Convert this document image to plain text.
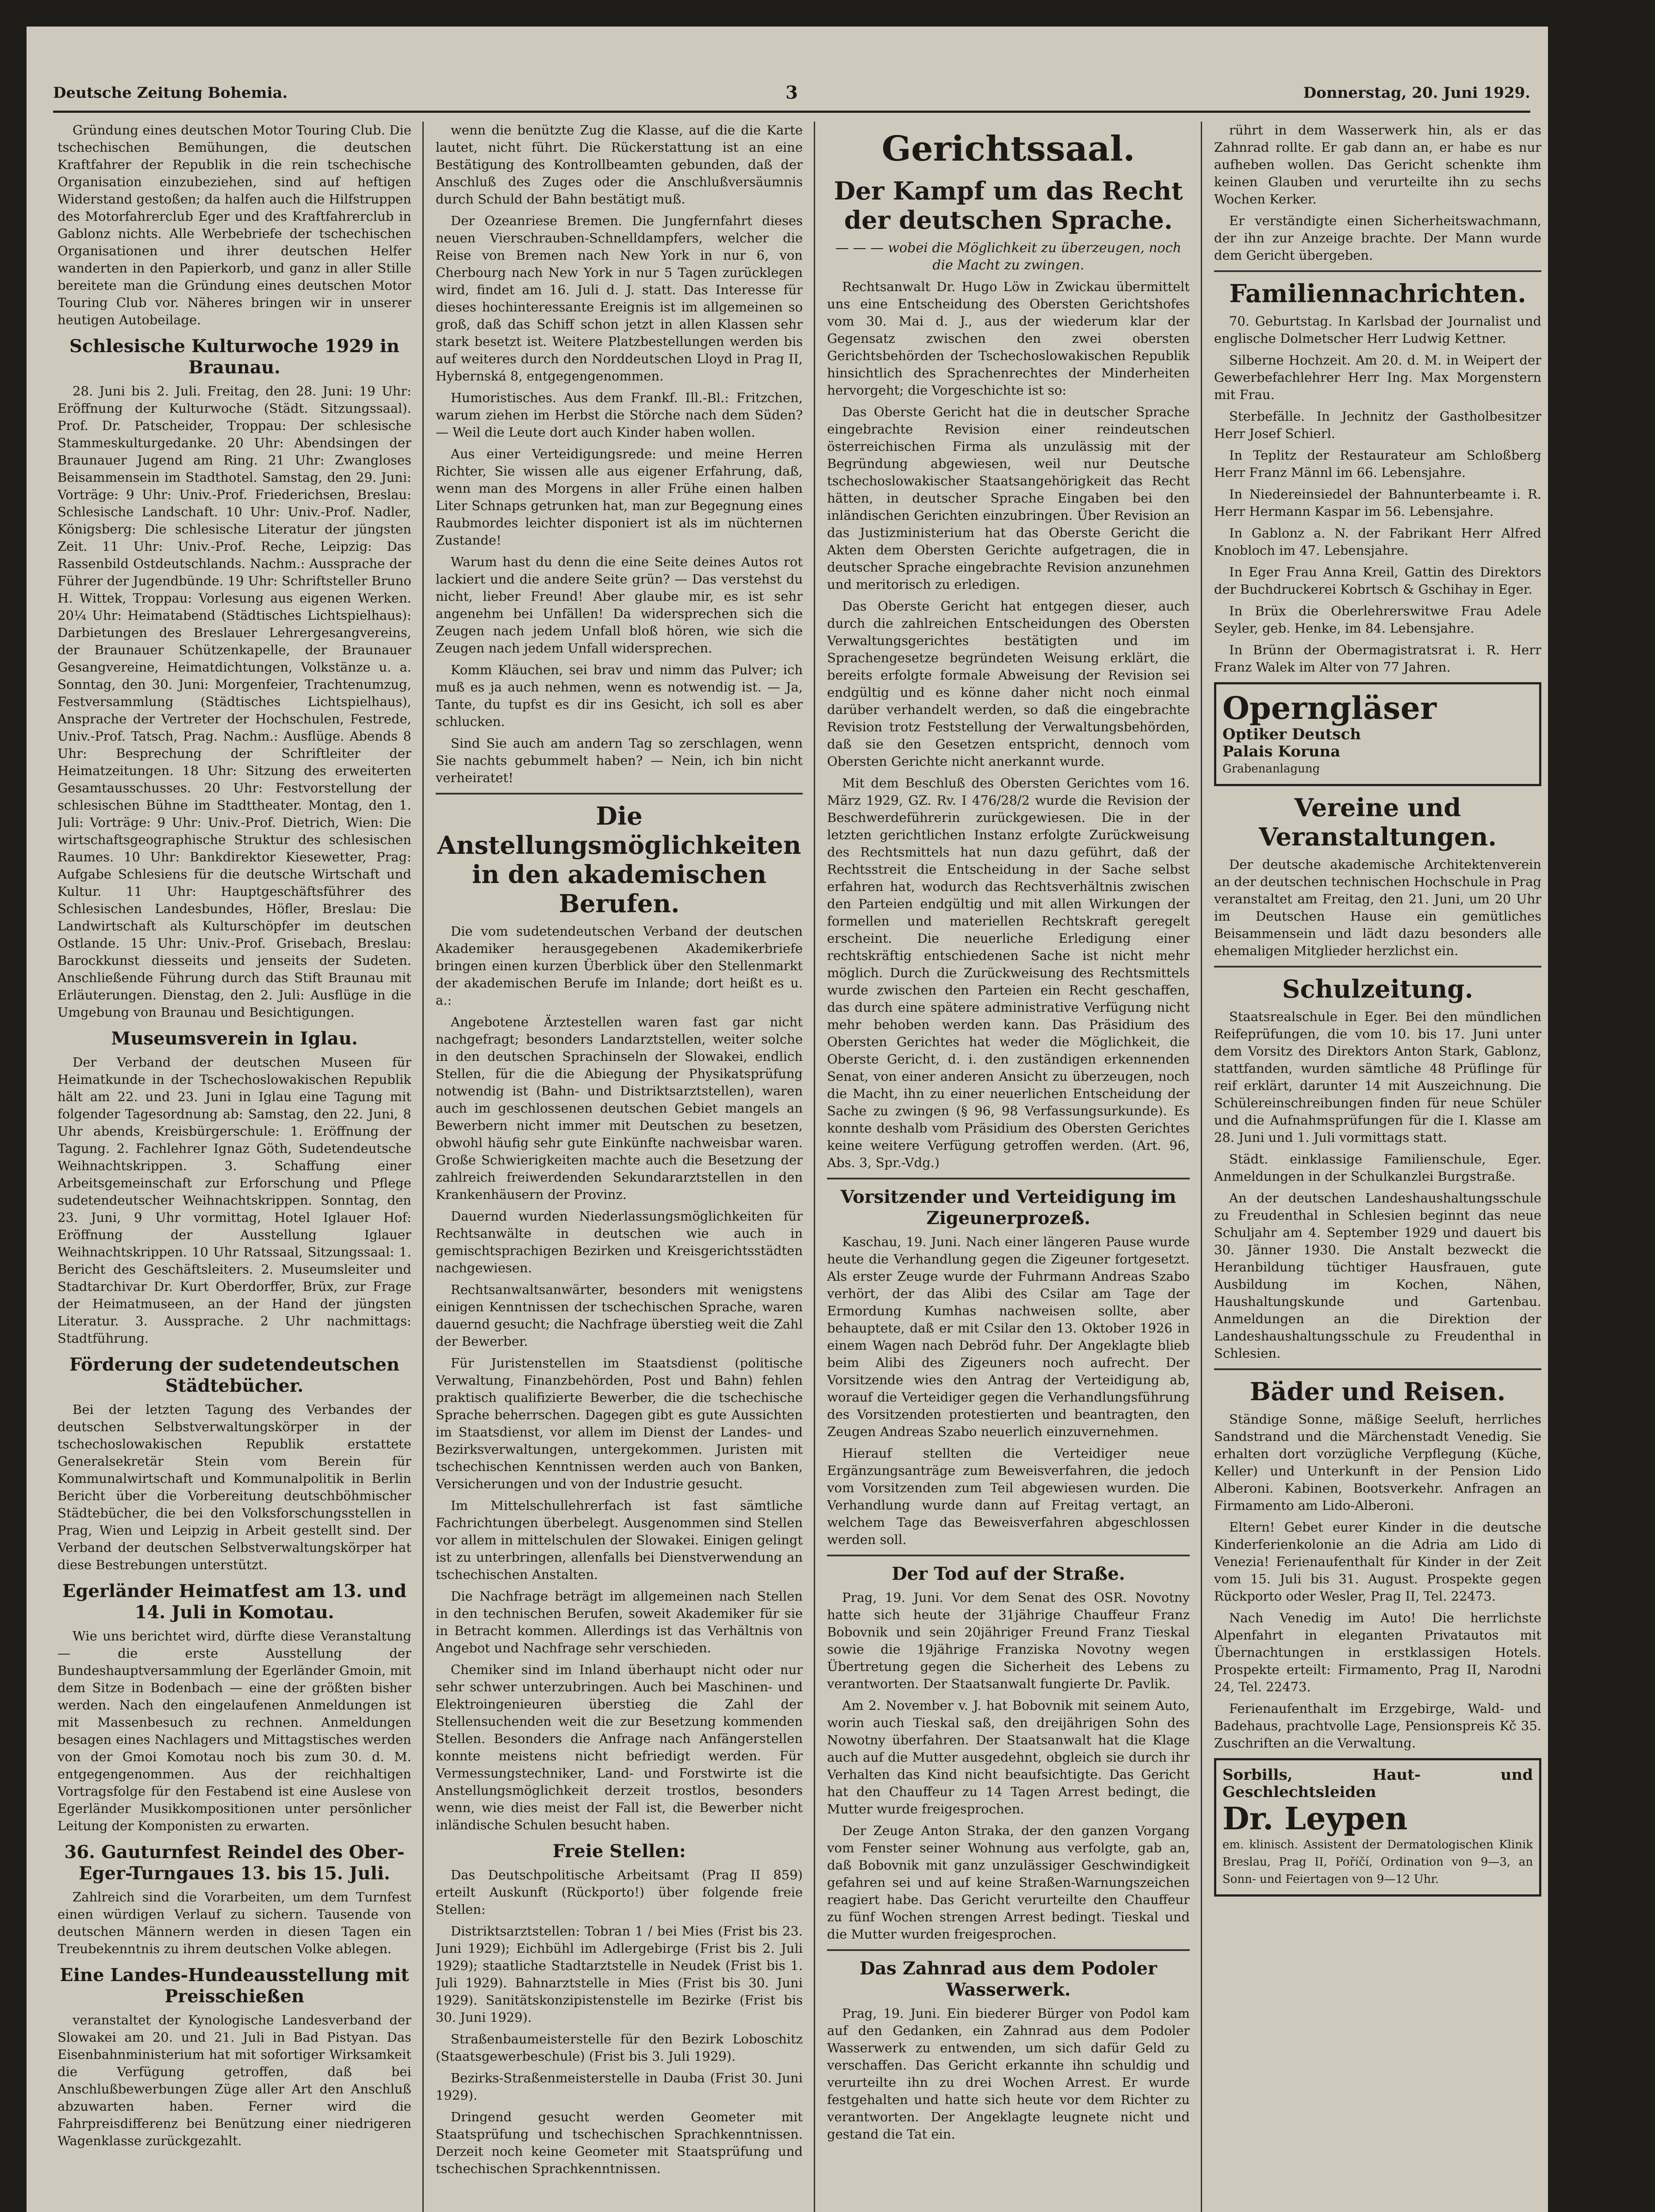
Deutsche Zeitung Bohemia.	3	Donnerstag, 20. Juni 1929.

Gründung eines deutschen Motor Touring Club. Die tschechischen Bemühungen, die deutschen Kraftfahrer der Republik in die rein tschechische Organisation einzubeziehen, sind auf heftigen Widerstand gestoßen; da halfen auch die Hilfstruppen des Motorfahrerclub Eger und des Kraftfahrerclub in Gablonz nichts. Alle Werbebriefe der tschechischen Organisationen und ihrer deutschen Helfer wanderten in den Papierkorb, und ganz in aller Stille bereitete man die Gründung eines deutschen Motor Touring Club vor. Näheres bringen wir in unserer heutigen Autobeilage.

Schlesische Kulturwoche 1929 in Braunau.

28. Juni bis 2. Juli. Freitag, den 28. Juni: 19 Uhr: Eröffnung der Kulturwoche (Städt. Sitzungssaal). Prof. Dr. Patscheider, Troppau: Der schlesische Stammeskulturgedanke. 20 Uhr: Abendsingen der Braunauer Jugend am Ring. 21 Uhr: Zwangloses Beisammensein im Stadthotel. Samstag, den 29. Juni: Vorträge: 9 Uhr: Univ.-Prof. Friederichsen, Breslau: Schlesische Landschaft. 10 Uhr: Univ.-Prof. Nadler, Königsberg: Die schlesische Literatur der jüngsten Zeit. 11 Uhr: Univ.-Prof. Reche, Leipzig: Das Rassenbild Ostdeutschlands. Nachm.: Aussprache der Führer der Jugendbünde. 19 Uhr: Schriftsteller Bruno H. Wittek, Troppau: Vorlesung aus eigenen Werken. 20¼ Uhr: Heimatabend (Städtisches Lichtspielhaus): Darbietungen des Breslauer Lehrergesangvereins, der Braunauer Schützenkapelle, der Braunauer Gesangvereine, Heimatdichtungen, Volkstänze u. a. Sonntag, den 30. Juni: Morgenfeier, Trachtenumzug, Festversammlung (Städtisches Lichtspielhaus), Ansprache der Vertreter der Hochschulen, Festrede, Univ.-Prof. Tatsch, Prag. Nachm.: Ausflüge. Abends 8 Uhr: Besprechung der Schriftleiter der Heimatzeitungen. 18 Uhr: Sitzung des erweiterten Gesamtausschusses. 20 Uhr: Festvorstellung der schlesischen Bühne im Stadttheater. Montag, den 1. Juli: Vorträge: 9 Uhr: Univ.-Prof. Dietrich, Wien: Die wirtschaftsgeographische Struktur des schlesischen Raumes. 10 Uhr: Bankdirektor Kiesewetter, Prag: Aufgabe Schlesiens für die deutsche Wirtschaft und Kultur. 11 Uhr: Hauptgeschäftsführer des Schlesischen Landesbundes, Höfler, Breslau: Die Landwirtschaft als Kulturschöpfer im deutschen Ostlande. 15 Uhr: Univ.-Prof. Grisebach, Breslau: Barockkunst diesseits und jenseits der Sudeten. Anschließende Führung durch das Stift Braunau mit Erläuterungen. Dienstag, den 2. Juli: Ausflüge in die Umgebung von Braunau und Besichtigungen.

Museumsverein in Iglau.

Der Verband der deutschen Museen für Heimatkunde in der Tschechoslowakischen Republik hält am 22. und 23. Juni in Iglau eine Tagung mit folgender Tagesordnung ab: Samstag, den 22. Juni, 8 Uhr abends, Kreisbürgerschule: 1. Eröffnung der Tagung. 2. Fachlehrer Ignaz Göth, Sudetendeutsche Weihnachtskrippen. 3. Schaffung einer Arbeitsgemeinschaft zur Erforschung und Pflege sudetendeutscher Weihnachtskrippen. Sonntag, den 23. Juni, 9 Uhr vormittag, Hotel Iglauer Hof: Eröffnung der Ausstellung Iglauer Weihnachtskrippen. 10 Uhr Ratssaal, Sitzungssaal: 1. Bericht des Geschäftsleiters. 2. Museumsleiter und Stadtarchivar Dr. Kurt Oberdorffer, Brüx, zur Frage der Heimatmuseen, an der Hand der jüngsten Literatur. 3. Aussprache. 2 Uhr nachmittags: Stadtführung.

Förderung der sudetendeutschen Städtebücher.

Bei der letzten Tagung des Verbandes der deutschen Selbstverwaltungskörper in der tschechoslowakischen Republik erstattete Generalsekretär Stein vom Berein für Kommunalwirtschaft und Kommunalpolitik in Berlin Bericht über die Vorbereitung deutschböhmischer Städtebücher, die bei den Volksforschungsstellen in Prag, Wien und Leipzig in Arbeit gestellt sind. Der Verband der deutschen Selbstverwaltungskörper hat diese Bestrebungen unterstützt.

Egerländer Heimatfest am 13. und 14. Juli in Komotau.

Wie uns berichtet wird, dürfte diese Veranstaltung — die erste Ausstellung der Bundeshauptversammlung der Egerländer Gmoin, mit dem Sitze in Bodenbach — eine der größten bisher werden. Nach den eingelaufenen Anmeldungen ist mit Massenbesuch zu rechnen. Anmeldungen besagen eines Nachlagers und Mittagstisches werden von der Gmoi Komotau noch bis zum 30. d. M. entgegengenommen. Aus der reichhaltigen Vortragsfolge für den Festabend ist eine Auslese von Egerländer Musikkompositionen unter persönlicher Leitung der Komponisten zu erwarten.

36. Gauturnfest Reindel des Ober-Eger-Turngaues 13. bis 15. Juli.

Zahlreich sind die Vorarbeiten, um dem Turnfest einen würdigen Verlauf zu sichern. Tausende von deutschen Männern werden in diesen Tagen ein Treubekenntnis zu ihrem deutschen Volke ablegen.

Eine Landes-Hundeausstellung mit Preisschießen

veranstaltet der Kynologische Landesverband der Slowakei am 20. und 21. Juli in Bad Pistyan. Das Eisenbahnministerium hat mit sofortiger Wirksamkeit die Verfügung getroffen, daß bei Anschlußbewerbungen Züge aller Art den Anschluß abzuwarten haben. Ferner wird die Fahrpreisdifferenz bei Benützung einer niedrigeren Wagenklasse zurückgezahlt.

wenn die benützte Zug die Klasse, auf die die Karte lautet, nicht führt. Die Rückerstattung ist an eine Bestätigung des Kontrollbeamten gebunden, daß der Anschluß des Zuges oder die Anschlußversäumnis durch Schuld der Bahn bestätigt muß.

Der Ozeanriese Bremen. Die Jungfernfahrt dieses neuen Vierschrauben-Schnelldampfers, welcher die Reise von Bremen nach New York in nur 6, von Cherbourg nach New York in nur 5 Tagen zurücklegen wird, findet am 16. Juli d. J. statt. Das Interesse für dieses hochinteressante Ereignis ist im allgemeinen so groß, daß das Schiff schon jetzt in allen Klassen sehr stark besetzt ist. Weitere Platzbestellungen werden bis auf weiteres durch den Norddeutschen Lloyd in Prag II, Hybernská 8, entgegengenommen.

Humoristisches. Aus dem Frankf. Ill.-Bl.: Fritzchen, warum ziehen im Herbst die Störche nach dem Süden? — Weil die Leute dort auch Kinder haben wollen.

Aus einer Verteidigungsrede: und meine Herren Richter, Sie wissen alle aus eigener Erfahrung, daß, wenn man des Morgens in aller Frühe einen halben Liter Schnaps getrunken hat, man zur Begegnung eines Raubmordes leichter disponiert ist als im nüchternen Zustande!

Warum hast du denn die eine Seite deines Autos rot lackiert und die andere Seite grün? — Das verstehst du nicht, lieber Freund! Aber glaube mir, es ist sehr angenehm bei Unfällen! Da widersprechen sich die Zeugen nach jedem Unfall bloß hören, wie sich die Zeugen nach jedem Unfall widersprechen.

Komm Kläuchen, sei brav und nimm das Pulver; ich muß es ja auch nehmen, wenn es notwendig ist. — Ja, Tante, du tupfst es dir ins Gesicht, ich soll es aber schlucken.

Sind Sie auch am andern Tag so zerschlagen, wenn Sie nachts gebummelt haben? — Nein, ich bin nicht verheiratet!

Die Anstellungsmöglichkeiten in den akademischen Berufen.

Die vom sudetendeutschen Verband der deutschen Akademiker herausgegebenen Akademikerbriefe bringen einen kurzen Überblick über den Stellenmarkt der akademischen Berufe im Inlande; dort heißt es u. a.:

Angebotene Ärztestellen waren fast gar nicht nachgefragt; besonders Landarztstellen, weiter solche in den deutschen Sprachinseln der Slowakei, endlich Stellen, für die die Abiegung der Physikatsprüfung notwendig ist (Bahn- und Distriktsarztstellen), waren auch im geschlossenen deutschen Gebiet mangels an Bewerbern nicht immer mit Deutschen zu besetzen, obwohl häufig sehr gute Einkünfte nachweisbar waren. Große Schwierigkeiten machte auch die Besetzung der zahlreich freiwerdenden Sekundararztstellen in den Krankenhäusern der Provinz.

Dauernd wurden Niederlassungsmöglichkeiten für Rechtsanwälte in deutschen wie auch in gemischtsprachigen Bezirken und Kreisgerichtsstädten nachgewiesen.

Rechtsanwaltsanwärter, besonders mit wenigstens einigen Kenntnissen der tschechischen Sprache, waren dauernd gesucht; die Nachfrage überstieg weit die Zahl der Bewerber.

Für Juristenstellen im Staatsdienst (politische Verwaltung, Finanzbehörden, Post und Bahn) fehlen praktisch qualifizierte Bewerber, die die tschechische Sprache beherrschen. Dagegen gibt es gute Aussichten im Staatsdienst, vor allem im Dienst der Landes- und Bezirksverwaltungen, untergekommen. Juristen mit tschechischen Kenntnissen werden auch von Banken, Versicherungen und von der Industrie gesucht.

Im Mittelschullehrerfach ist fast sämtliche Fachrichtungen überbelegt. Ausgenommen sind Stellen vor allem in mittelschulen der Slowakei. Einigen gelingt ist zu unterbringen, allenfalls bei Dienstverwendung an tschechischen Anstalten.

Die Nachfrage beträgt im allgemeinen nach Stellen in den technischen Berufen, soweit Akademiker für sie in Betracht kommen. Allerdings ist das Verhältnis von Angebot und Nachfrage sehr verschieden.

Chemiker sind im Inland überhaupt nicht oder nur sehr schwer unterzubringen. Auch bei Maschinen- und Elektroingenieuren überstieg die Zahl der Stellensuchenden weit die zur Besetzung kommenden Stellen. Besonders die Anfrage nach Anfängerstellen konnte meistens nicht befriedigt werden. Für Vermessungstechniker, Land- und Forstwirte ist die Anstellungsmöglichkeit derzeit trostlos, besonders wenn, wie dies meist der Fall ist, die Bewerber nicht inländische Schulen besucht haben.

Freie Stellen:

Das Deutschpolitische Arbeitsamt (Prag II 859) erteilt Auskunft (Rückporto!) über folgende freie Stellen:

Distriktsarztstellen: Tobran 1 / bei Mies (Frist bis 23. Juni 1929); Eichbühl im Adlergebirge (Frist bis 2. Juli 1929); staatliche Stadtarztstelle in Neudek (Frist bis 1. Juli 1929). Bahnarztstelle in Mies (Frist bis 30. Juni 1929). Sanitätskonzipistenstelle im Bezirke (Frist bis 30. Juni 1929).

Straßenbaumeisterstelle für den Bezirk Loboschitz (Staatsgewerbeschule) (Frist bis 3. Juli 1929).

Bezirks-Straßenmeisterstelle in Dauba (Frist 30. Juni 1929).

Dringend gesucht werden Geometer mit Staatsprüfung und tschechischen Sprachkenntnissen. Derzeit noch keine Geometer mit Staatsprüfung und tschechischen Sprachkenntnissen.

Gerichtssaal.
Der Kampf um das Recht der deutschen Sprache.
— — — wobei die Möglichkeit zu überzeugen, noch die Macht zu zwingen.

Rechtsanwalt Dr. Hugo Löw in Zwickau übermittelt uns eine Entscheidung des Obersten Gerichtshofes vom 30. Mai d. J., aus der wiederum klar der Gegensatz zwischen den zwei obersten Gerichtsbehörden der Tschechoslowakischen Republik hinsichtlich des Sprachenrechtes der Minderheiten hervorgeht; die Vorgeschichte ist so:

Das Oberste Gericht hat die in deutscher Sprache eingebrachte Revision einer reindeutschen österreichischen Firma als unzulässig mit der Begründung abgewiesen, weil nur Deutsche tschechoslowakischer Staatsangehörigkeit das Recht hätten, in deutscher Sprache Eingaben bei den inländischen Gerichten einzubringen. Über Revision an das Justizministerium hat das Oberste Gericht die Akten dem Obersten Gerichte aufgetragen, die in deutscher Sprache eingebrachte Revision anzunehmen und meritorisch zu erledigen.

Das Oberste Gericht hat entgegen dieser, auch durch die zahlreichen Entscheidungen des Obersten Verwaltungsgerichtes bestätigten und im Sprachengesetze begründeten Weisung erklärt, die bereits erfolgte formale Abweisung der Revision sei endgültig und es könne daher nicht noch einmal darüber verhandelt werden, so daß die eingebrachte Revision trotz Feststellung der Verwaltungsbehörden, daß sie den Gesetzen entspricht, dennoch vom Obersten Gerichte nicht anerkannt wurde.

Mit dem Beschluß des Obersten Gerichtes vom 16. März 1929, GZ. Rv. I 476/28/2 wurde die Revision der Beschwerdeführerin zurückgewiesen. Die in der letzten gerichtlichen Instanz erfolgte Zurückweisung des Rechtsmittels hat nun dazu geführt, daß der Rechtsstreit die Entscheidung in der Sache selbst erfahren hat, wodurch das Rechtsverhältnis zwischen den Parteien endgültig und mit allen Wirkungen der formellen und materiellen Rechtskraft geregelt erscheint. Die neuerliche Erledigung einer rechtskräftig entschiedenen Sache ist nicht mehr möglich. Durch die Zurückweisung des Rechtsmittels wurde zwischen den Parteien ein Recht geschaffen, das durch eine spätere administrative Verfügung nicht mehr behoben werden kann. Das Präsidium des Obersten Gerichtes hat weder die Möglichkeit, die Oberste Gericht, d. i. den zuständigen erkennenden Senat, von einer anderen Ansicht zu überzeugen, noch die Macht, ihn zu einer neuerlichen Entscheidung der Sache zu zwingen (§ 96, 98 Verfassungsurkunde). Es konnte deshalb vom Präsidium des Obersten Gerichtes keine weitere Verfügung getroffen werden. (Art. 96, Abs. 3, Spr.-Vdg.)

Vorsitzender und Verteidigung im Zigeunerprozeß.

Kaschau, 19. Juni. Nach einer längeren Pause wurde heute die Verhandlung gegen die Zigeuner fortgesetzt. Als erster Zeuge wurde der Fuhrmann Andreas Szabo verhört, der das Alibi des Csilar am Tage der Ermordung Kumhas nachweisen sollte, aber behauptete, daß er mit Csilar den 13. Oktober 1926 in einem Wagen nach Debröd fuhr. Der Angeklagte blieb beim Alibi des Zigeuners noch aufrecht. Der Vorsitzende wies den Antrag der Verteidigung ab, worauf die Verteidiger gegen die Verhandlungsführung des Vorsitzenden protestierten und beantragten, den Zeugen Andreas Szabo neuerlich einzuvernehmen.

Hierauf stellten die Verteidiger neue Ergänzungsanträge zum Beweisverfahren, die jedoch vom Vorsitzenden zum Teil abgewiesen wurden. Die Verhandlung wurde dann auf Freitag vertagt, an welchem Tage das Beweisverfahren abgeschlossen werden soll.

Der Tod auf der Straße.

Prag, 19. Juni. Vor dem Senat des OSR. Novotny hatte sich heute der 31jährige Chauffeur Franz Bobovnik und sein 20jähriger Freund Franz Tieskal sowie die 19jährige Franziska Novotny wegen Übertretung gegen die Sicherheit des Lebens zu verantworten. Der Staatsanwalt fungierte Dr. Pavlik.

Am 2. November v. J. hat Bobovnik mit seinem Auto, worin auch Tieskal saß, den dreijährigen Sohn des Nowotny überfahren. Der Staatsanwalt hat die Klage auch auf die Mutter ausgedehnt, obgleich sie durch ihr Verhalten das Kind nicht beaufsichtigte. Das Gericht hat den Chauffeur zu 14 Tagen Arrest bedingt, die Mutter wurde freigesprochen.

Der Zeuge Anton Straka, der den ganzen Vorgang vom Fenster seiner Wohnung aus verfolgte, gab an, daß Bobovnik mit ganz unzulässiger Geschwindigkeit gefahren sei und auf keine Straßen-Warnungszeichen reagiert habe. Das Gericht verurteilte den Chauffeur zu fünf Wochen strengen Arrest bedingt. Tieskal und die Mutter wurden freigesprochen.

Das Zahnrad aus dem Podoler Wasserwerk.

Prag, 19. Juni. Ein biederer Bürger von Podol kam auf den Gedanken, ein Zahnrad aus dem Podoler Wasserwerk zu entwenden, um sich dafür Geld zu verschaffen. Das Gericht erkannte ihn schuldig und verurteilte ihn zu drei Wochen Arrest. Er wurde festgehalten und hatte sich heute vor dem Richter zu verantworten. Der Angeklagte leugnete nicht und gestand die Tat ein.

rührt in dem Wasserwerk hin, als er das Zahnrad rollte. Er gab dann an, er habe es nur aufheben wollen. Das Gericht schenkte ihm keinen Glauben und verurteilte ihn zu sechs Wochen Kerker.

Er verständigte einen Sicherheitswachmann, der ihn zur Anzeige brachte. Der Mann wurde dem Gericht übergeben.

Familiennachrichten.

70. Geburtstag. In Karlsbad der Journalist und englische Dolmetscher Herr Ludwig Kettner.

Silberne Hochzeit. Am 20. d. M. in Weipert der Gewerbefachlehrer Herr Ing. Max Morgenstern mit Frau.

Sterbefälle. In Jechnitz der Gastholbesitzer Herr Josef Schierl.

In Teplitz der Restaurateur am Schloßberg Herr Franz Männl im 66. Lebensjahre.

In Niedereinsiedel der Bahnunterbeamte i. R. Herr Hermann Kaspar im 56. Lebensjahre.

In Gablonz a. N. der Fabrikant Herr Alfred Knobloch im 47. Lebensjahre.

In Eger Frau Anna Kreil, Gattin des Direktors der Buchdruckerei Kobrtsch & Gschihay in Eger.

In Brüx die Oberlehrerswitwe Frau Adele Seyler, geb. Henke, im 84. Lebensjahre.

In Brünn der Obermagistratsrat i. R. Herr Franz Walek im Alter von 77 Jahren.

Operngläser
Optiker Deutsch
Palais Koruna
Grabenanlagung
Vereine und Veranstaltungen.

Der deutsche akademische Architektenverein an der deutschen technischen Hochschule in Prag veranstaltet am Freitag, den 21. Juni, um 20 Uhr im Deutschen Hause ein gemütliches Beisammensein und lädt dazu besonders alle ehemaligen Mitglieder herzlichst ein.

Schulzeitung.

Staatsrealschule in Eger. Bei den mündlichen Reifeprüfungen, die vom 10. bis 17. Juni unter dem Vorsitz des Direktors Anton Stark, Gablonz, stattfanden, wurden sämtliche 48 Prüflinge für reif erklärt, darunter 14 mit Auszeichnung. Die Schülereinschreibungen finden für neue Schüler und die Aufnahmsprüfungen für die I. Klasse am 28. Juni und 1. Juli vormittags statt.

Städt. einklassige Familienschule, Eger. Anmeldungen in der Schulkanzlei Burgstraße.

An der deutschen Landeshaushaltungsschule zu Freudenthal in Schlesien beginnt das neue Schuljahr am 4. September 1929 und dauert bis 30. Jänner 1930. Die Anstalt bezweckt die Heranbildung tüchtiger Hausfrauen, gute Ausbildung im Kochen, Nähen, Haushaltungskunde und Gartenbau. Anmeldungen an die Direktion der Landeshaushaltungsschule zu Freudenthal in Schlesien.

Bäder und Reisen.

Ständige Sonne, mäßige Seeluft, herrliches Sandstrand und die Märchenstadt Venedig. Sie erhalten dort vorzügliche Verpflegung (Küche, Keller) und Unterkunft in der Pension Lido Alberoni. Kabinen, Bootsverkehr. Anfragen an Firmamento am Lido-Alberoni.

Eltern! Gebet eurer Kinder in die deutsche Kinderferienkolonie an die Adria am Lido di Venezia! Ferienaufenthalt für Kinder in der Zeit vom 15. Juli bis 31. August. Prospekte gegen Rückporto oder Wesler, Prag II, Tel. 22473.

Nach Venedig im Auto! Die herrlichste Alpenfahrt in eleganten Privatautos mit Übernachtungen in erstklassigen Hotels. Prospekte erteilt: Firmamento, Prag II, Narodni 24, Tel. 22473.

Ferienaufenthalt im Erzgebirge, Wald- und Badehaus, prachtvolle Lage, Pensionspreis Kč 35. Zuschriften an die Verwaltung.

Sorbills, Haut- und Geschlechtsleiden
Dr. Leypen
em. klinisch. Assistent der Dermatologischen Klinik Breslau, Prag II, Poříčí, Ordination von 9—3, an Sonn- und Feiertagen von 9—12 Uhr.
